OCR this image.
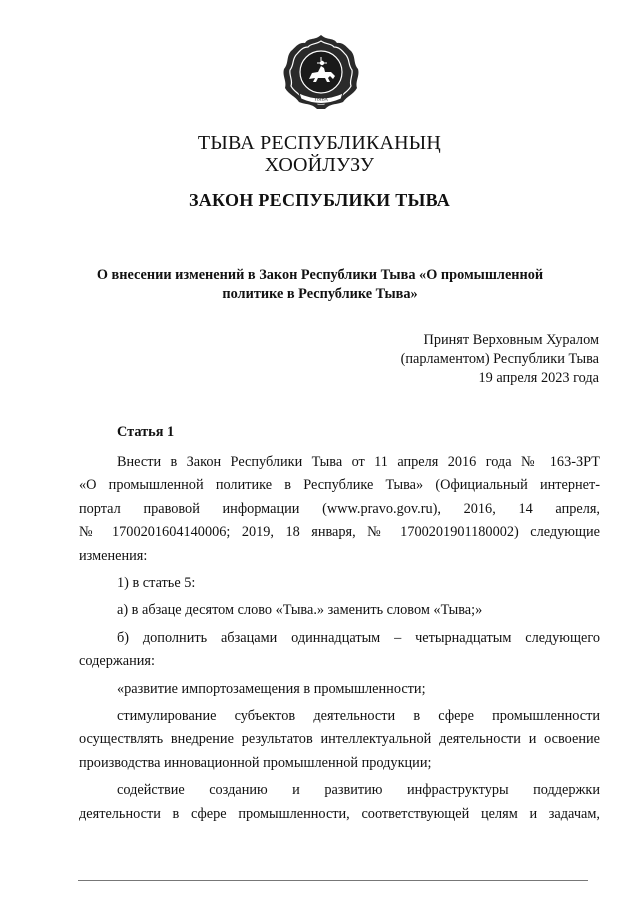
ТЫВА
ТЫВА РЕСПУБЛИКАНЫҢ
ХООЙЛУЗУ
ЗАКОН РЕСПУБЛИКИ ТЫВА
О внесении изменений в Закон Республики Тыва «О промышленной
политике в Республике Тыва»
Принят Верховным Хуралом
(парламентом) Республики Тыва
19 апреля 2023 года
Статья 1
Внести в Закон Республики Тыва от 11 апреля 2016 года № 163-ЗРТ
«О промышленной политике в Республике Тыва» (Официальный интернет-
портал правовой информации (www.pravo.gov.ru), 2016, 14 апреля,
№ 1700201604140006; 2019, 18 января, № 1700201901180002) следующие
изменения:
1) в статье 5:
а) в абзаце десятом слово «Тыва.» заменить словом «Тыва;»
б) дополнить абзацами одиннадцатым – четырнадцатым следующего
содержания:
«развитие импортозамещения в промышленности;
стимулирование субъектов деятельности в сфере промышленности
осуществлять внедрение результатов интеллектуальной деятельности и освоение
производства инновационной промышленной продукции;
содействие созданию и развитию инфраструктуры поддержки
деятельности в сфере промышленности, соответствующей целям и задачам,
